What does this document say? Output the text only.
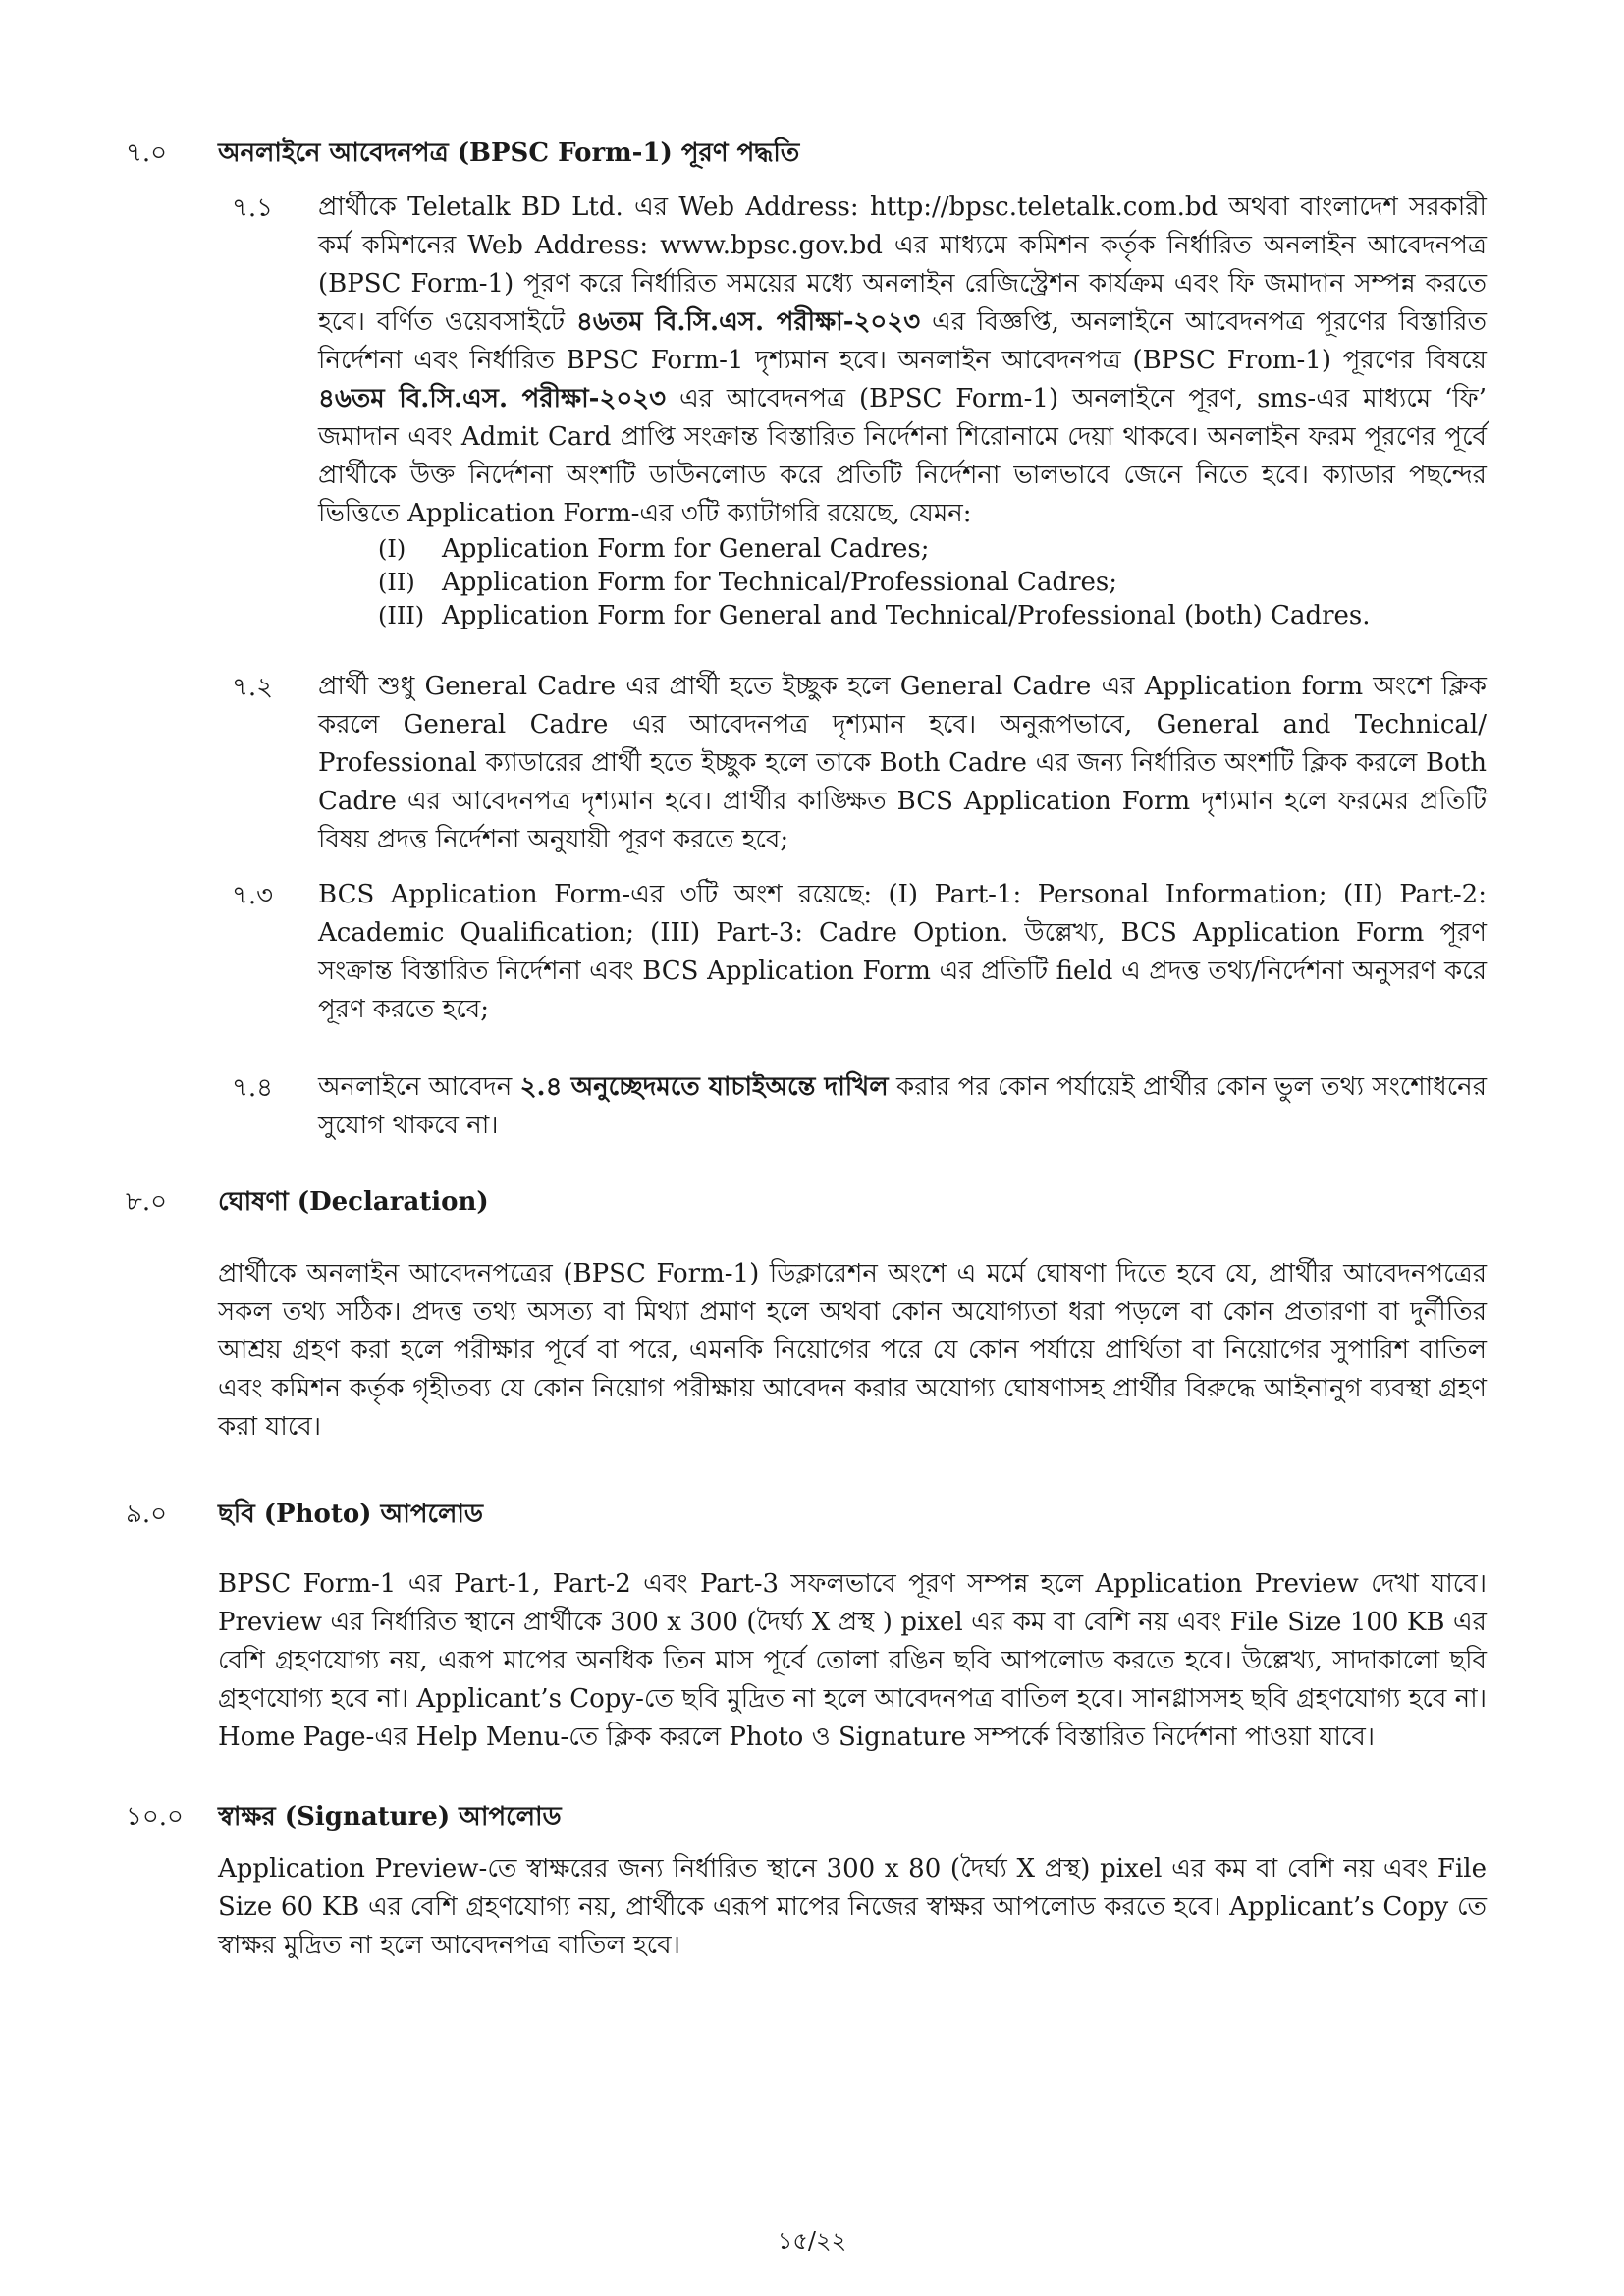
৭.০ অনলাইনে আবেদনপত্র (BPSC Form-1) পূরণ পদ্ধতি
৭.১ প্রার্থীকে Teletalk BD Ltd. এর Web Address: http://bpsc.teletalk.com.bd অথবা বাংলাদেশ সরকারী কর্ম কমিশনের Web Address: www.bpsc.gov.bd এর মাধ্যমে কমিশন কর্তৃক নির্ধারিত অনলাইন আবেদনপত্র (BPSC Form-1) পূরণ করে নির্ধারিত সময়ের মধ্যে অনলাইন রেজিস্ট্রেশন কার্যক্রম এবং ফি জমাদান সম্পন্ন করতে হবে। বর্ণিত ওয়েবসাইটে ৪৬তম বি.সি.এস. পরীক্ষা-২০২৩ এর বিজ্ঞপ্তি, অনলাইনে আবেদনপত্র পূরণের বিস্তারিত নির্দেশনা এবং নির্ধারিত BPSC Form-1 দৃশ্যমান হবে। অনলাইন আবেদনপত্র (BPSC From-1) পূরণের বিষয়ে ৪৬তম বি.সি.এস. পরীক্ষা-২০২৩ এর আবেদনপত্র (BPSC Form-1) অনলাইনে পূরণ, sms-এর মাধ্যমে ‘ফি’ জমাদান এবং Admit Card প্রাপ্তি সংক্রান্ত বিস্তারিত নির্দেশনা শিরোনামে দেয়া থাকবে। অনলাইন ফরম পূরণের পূর্বে প্রার্থীকে উক্ত নির্দেশনা অংশটি ডাউনলোড করে প্রতিটি নির্দেশনা ভালভাবে জেনে নিতে হবে। ক্যাডার পছন্দের ভিত্তিতে Application Form-এর ৩টি ক্যাটাগরি রয়েছে, যেমন:

(I) Application Form for General Cadres;
(II) Application Form for Technical/Professional Cadres;
(III) Application Form for General and Technical/Professional (both) Cadres.
৭.২ প্রার্থী শুধু General Cadre এর প্রার্থী হতে ইচ্ছুক হলে General Cadre এর Application form অংশে ক্লিক করলে General Cadre এর আবেদনপত্র দৃশ্যমান হবে। অনুরূপভাবে, General and Technical/ Professional ক্যাডারের প্রার্থী হতে ইচ্ছুক হলে তাকে Both Cadre এর জন্য নির্ধারিত অংশটি ক্লিক করলে Both Cadre এর আবেদনপত্র দৃশ্যমান হবে। প্রার্থীর কাঙ্ক্ষিত BCS Application Form দৃশ্যমান হলে ফরমের প্রতিটি বিষয় প্রদত্ত নির্দেশনা অনুযায়ী পূরণ করতে হবে;

৭.৩ BCS Application Form-এর ৩টি অংশ রয়েছে: (I) Part-1: Personal Information; (II) Part-2: Academic Qualification; (III) Part-3: Cadre Option. উল্লেখ্য, BCS Application Form পূরণ সংক্রান্ত বিস্তারিত নির্দেশনা এবং BCS Application Form এর প্রতিটি field এ প্রদত্ত তথ্য/নির্দেশনা অনুসরণ করে পূরণ করতে হবে;

৭.৪ অনলাইনে আবেদন ২.৪ অনুচ্ছেদমতে যাচাইঅন্তে দাখিল করার পর কোন পর্যায়েই প্রার্থীর কোন ভুল তথ্য সংশোধনের সুযোগ থাকবে না।

৮.০ ঘোষণা (Declaration)

প্রার্থীকে অনলাইন আবেদনপত্রের (BPSC Form-1) ডিক্লারেশন অংশে এ মর্মে ঘোষণা দিতে হবে যে, প্রার্থীর আবেদনপত্রের সকল তথ্য সঠিক। প্রদত্ত তথ্য অসত্য বা মিথ্যা প্রমাণ হলে অথবা কোন অযোগ্যতা ধরা পড়লে বা কোন প্রতারণা বা দুর্নীতির আশ্রয় গ্রহণ করা হলে পরীক্ষার পূর্বে বা পরে, এমনকি নিয়োগের পরে যে কোন পর্যায়ে প্রার্থিতা বা নিয়োগের সুপারিশ বাতিল এবং কমিশন কর্তৃক গৃহীতব্য যে কোন নিয়োগ পরীক্ষায় আবেদন করার অযোগ্য ঘোষণাসহ প্রার্থীর বিরুদ্ধে আইনানুগ ব্যবস্থা গ্রহণ করা যাবে।

৯.০ ছবি (Photo) আপলোড

BPSC Form-1 এর Part-1, Part-2 এবং Part-3 সফলভাবে পূরণ সম্পন্ন হলে Application Preview দেখা যাবে। Preview এর নির্ধারিত স্থানে প্রার্থীকে 300 x 300 (দৈর্ঘ্য X প্রস্থ ) pixel এর কম বা বেশি নয় এবং File Size 100 KB এর বেশি গ্রহণযোগ্য নয়, এরূপ মাপের অনধিক তিন মাস পূর্বে তোলা রঙিন ছবি আপলোড করতে হবে। উল্লেখ্য, সাদাকালো ছবি গ্রহণযোগ্য হবে না। Applicant’s Copy-তে ছবি মুদ্রিত না হলে আবেদনপত্র বাতিল হবে। সানগ্লাসসহ ছবি গ্রহণযোগ্য হবে না। Home Page-এর Help Menu-তে ক্লিক করলে Photo ও Signature সম্পর্কে বিস্তারিত নির্দেশনা পাওয়া যাবে।

১০.০ স্বাক্ষর (Signature) আপলোড

Application Preview-তে স্বাক্ষরের জন্য নির্ধারিত স্থানে 300 x 80 (দৈর্ঘ্য X প্রস্থ) pixel এর কম বা বেশি নয় এবং File Size 60 KB এর বেশি গ্রহণযোগ্য নয়, প্রার্থীকে এরূপ মাপের নিজের স্বাক্ষর আপলোড করতে হবে। Applicant’s Copy তে স্বাক্ষর মুদ্রিত না হলে আবেদনপত্র বাতিল হবে।

১৫/২২
